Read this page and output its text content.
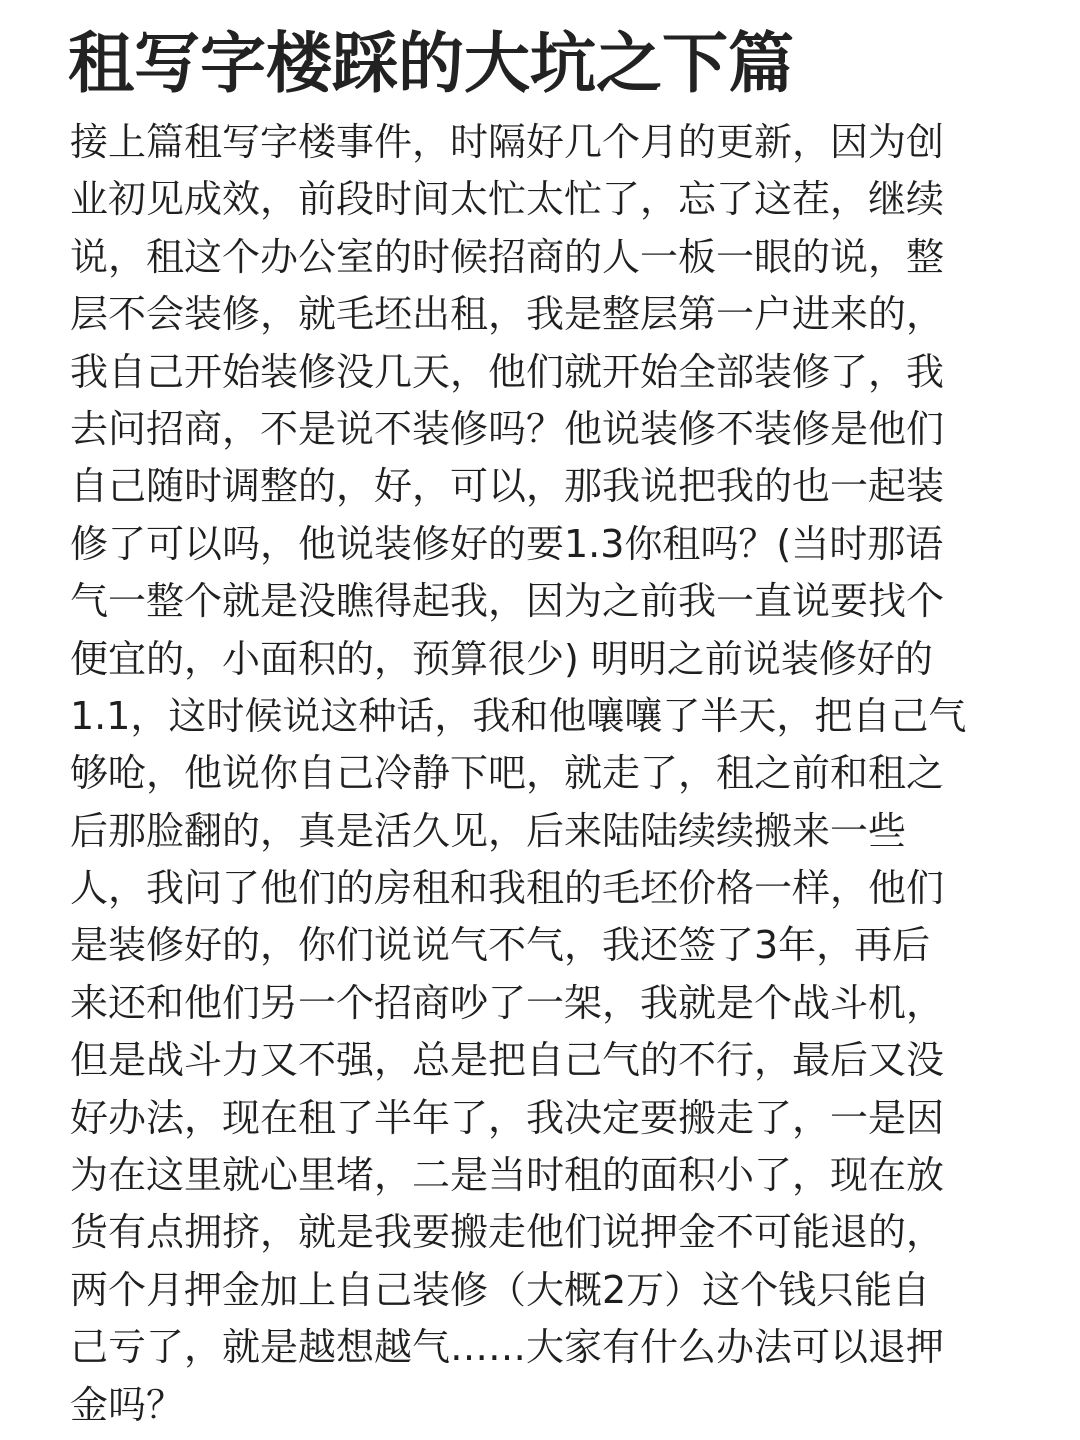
租写字楼踩的大坑之下篇
接上篇租写字楼事件，时隔好几个月的更新，因为创
业初见成效，前段时间太忙太忙了，忘了这茬，继续
说，租这个办公室的时候招商的人一板一眼的说，整
层不会装修，就毛坯出租，我是整层第一户进来的，
我自己开始装修没几天，他们就开始全部装修了，我
去问招商，不是说不装修吗？他说装修不装修是他们
自己随时调整的，好，可以，那我说把我的也一起装
修了可以吗，他说装修好的要1.3你租吗？(当时那语
气一整个就是没瞧得起我，因为之前我一直说要找个
便宜的，小面积的，预算很少) 明明之前说装修好的
1.1，这时候说这种话，我和他嚷嚷了半天，把自己气
够呛，他说你自己冷静下吧，就走了，租之前和租之
后那脸翻的，真是活久见，后来陆陆续续搬来一些
人，我问了他们的房租和我租的毛坯价格一样，他们
是装修好的，你们说说气不气，我还签了3年，再后
来还和他们另一个招商吵了一架，我就是个战斗机，
但是战斗力又不强，总是把自己气的不行，最后又没
好办法，现在租了半年了，我决定要搬走了，一是因
为在这里就心里堵，二是当时租的面积小了，现在放
货有点拥挤，就是我要搬走他们说押金不可能退的，
两个月押金加上自己装修（大概2万）这个钱只能自
己亏了，就是越想越气……大家有什么办法可以退押
金吗？
